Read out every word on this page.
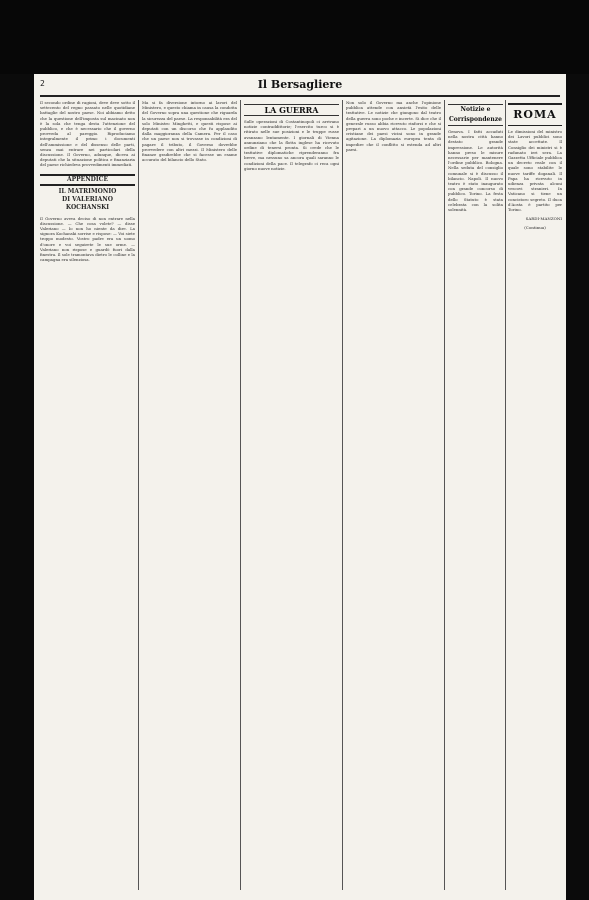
2	Il Bersagliere
Il secondo ordine di ragioni, deve deve sotto il settecento del regno passato nelle quotidiane battaglie del nostro paese. Noi abbiamo detto che la questione dell'imposta sul macinato non è la sola che tenga desta l'attenzione del pubblico, e che è necessario che il governo provveda al pareggio. Riproduciamo integralmente il primo i documenti dell'ammissione e del dissenso delle parti, senza mai entrare nei particolari della discussione. Il Governo, adunque, diceva ai deputati che la situazione politica e finanziaria del paese richiedeva provvedimenti immediati.
APPENDICE
IL MATRIMONIO
DI VALERIANO KOCHANSKI
Il Governo aveva deciso di non entrare nella discussione. — Che cosa volete? — disse Valeriano — Io non ho niente da dire. La signora Kochanski sorrise e rispose: — Voi siete troppo modesto. Vostro padre era un uomo d'onore e voi seguirete le sue orme. — Valeriano non rispose e guardò fuori dalla finestra. Il sole tramontava dietro le colline e la campagna era silenziosa.
Ma si fa diversione intorno ai lavori del Ministero, e questo chiama in causa la condotta del Governo sopra una questione che riguarda la sicurezza del paese. La responsabilità era del solo Ministro Minghetti, e questi rispose ai deputati con un discorso che fu applaudito dalla maggioranza della Camera. Per il caso che un paese non si trovasse in condizioni di pagare il tributo, il Governo dovrebbe provvedere con altri mezzi. Il Ministero delle finanze gradirebbe che si facesse un esame accurato del bilancio dello Stato.
LA GUERRA
Sulle operazioni di Costantinopoli ci arrivano notizie contraddittorie; l'esercito turco si è ritirato nelle sue posizioni e le truppe russe avanzano lentamente. I giornali di Vienna annunziano che la flotta inglese ha ricevuto ordine di tenersi pronta. Si crede che le trattative diplomatiche riprenderanno fra breve, ma nessuno sa ancora quali saranno le condizioni della pace. Il telegrafo ci reca ogni giorno nuove notizie.
Non solo il Governo ma anche l'opinione pubblica attende con ansietà l'esito delle trattative. Le notizie che giungono dal teatro della guerra sono poche e incerte. Si dice che il generale russo abbia ricevuto rinforzi e che si prepari a un nuovo attacco. Le popolazioni cristiane dei paesi vicini sono in grande agitazione. La diplomazia europea tenta di impedire che il conflitto si estenda ad altri paesi.
Notizie e Corrispondenze
Genova. I fatti accaduti nella nostra città hanno destato grande impressione. Le autorità hanno preso le misure necessarie per mantenere l'ordine pubblico. Bologna. Nella seduta del consiglio comunale si è discusso il bilancio. Napoli. Il nuovo teatro è stato inaugurato con grande concorso di pubblico. Torino. La festa dello Statuto è stata celebrata con la solita solennità.
ROMA
Le dimissioni del ministro dei Lavori pubblici sono state accettate. Il Consiglio dei ministri si è radunato ieri sera. La Gazzetta Ufficiale pubblica un decreto reale con il quale sono stabilite le nuove tariffe doganali. Il Papa ha ricevuto in udienza privata alcuni vescovi stranieri. In Vaticano si tiene un concistoro segreto. Il duca d'Aosta è partito per Torino.
SARDI-MANZONI
(Continua)
